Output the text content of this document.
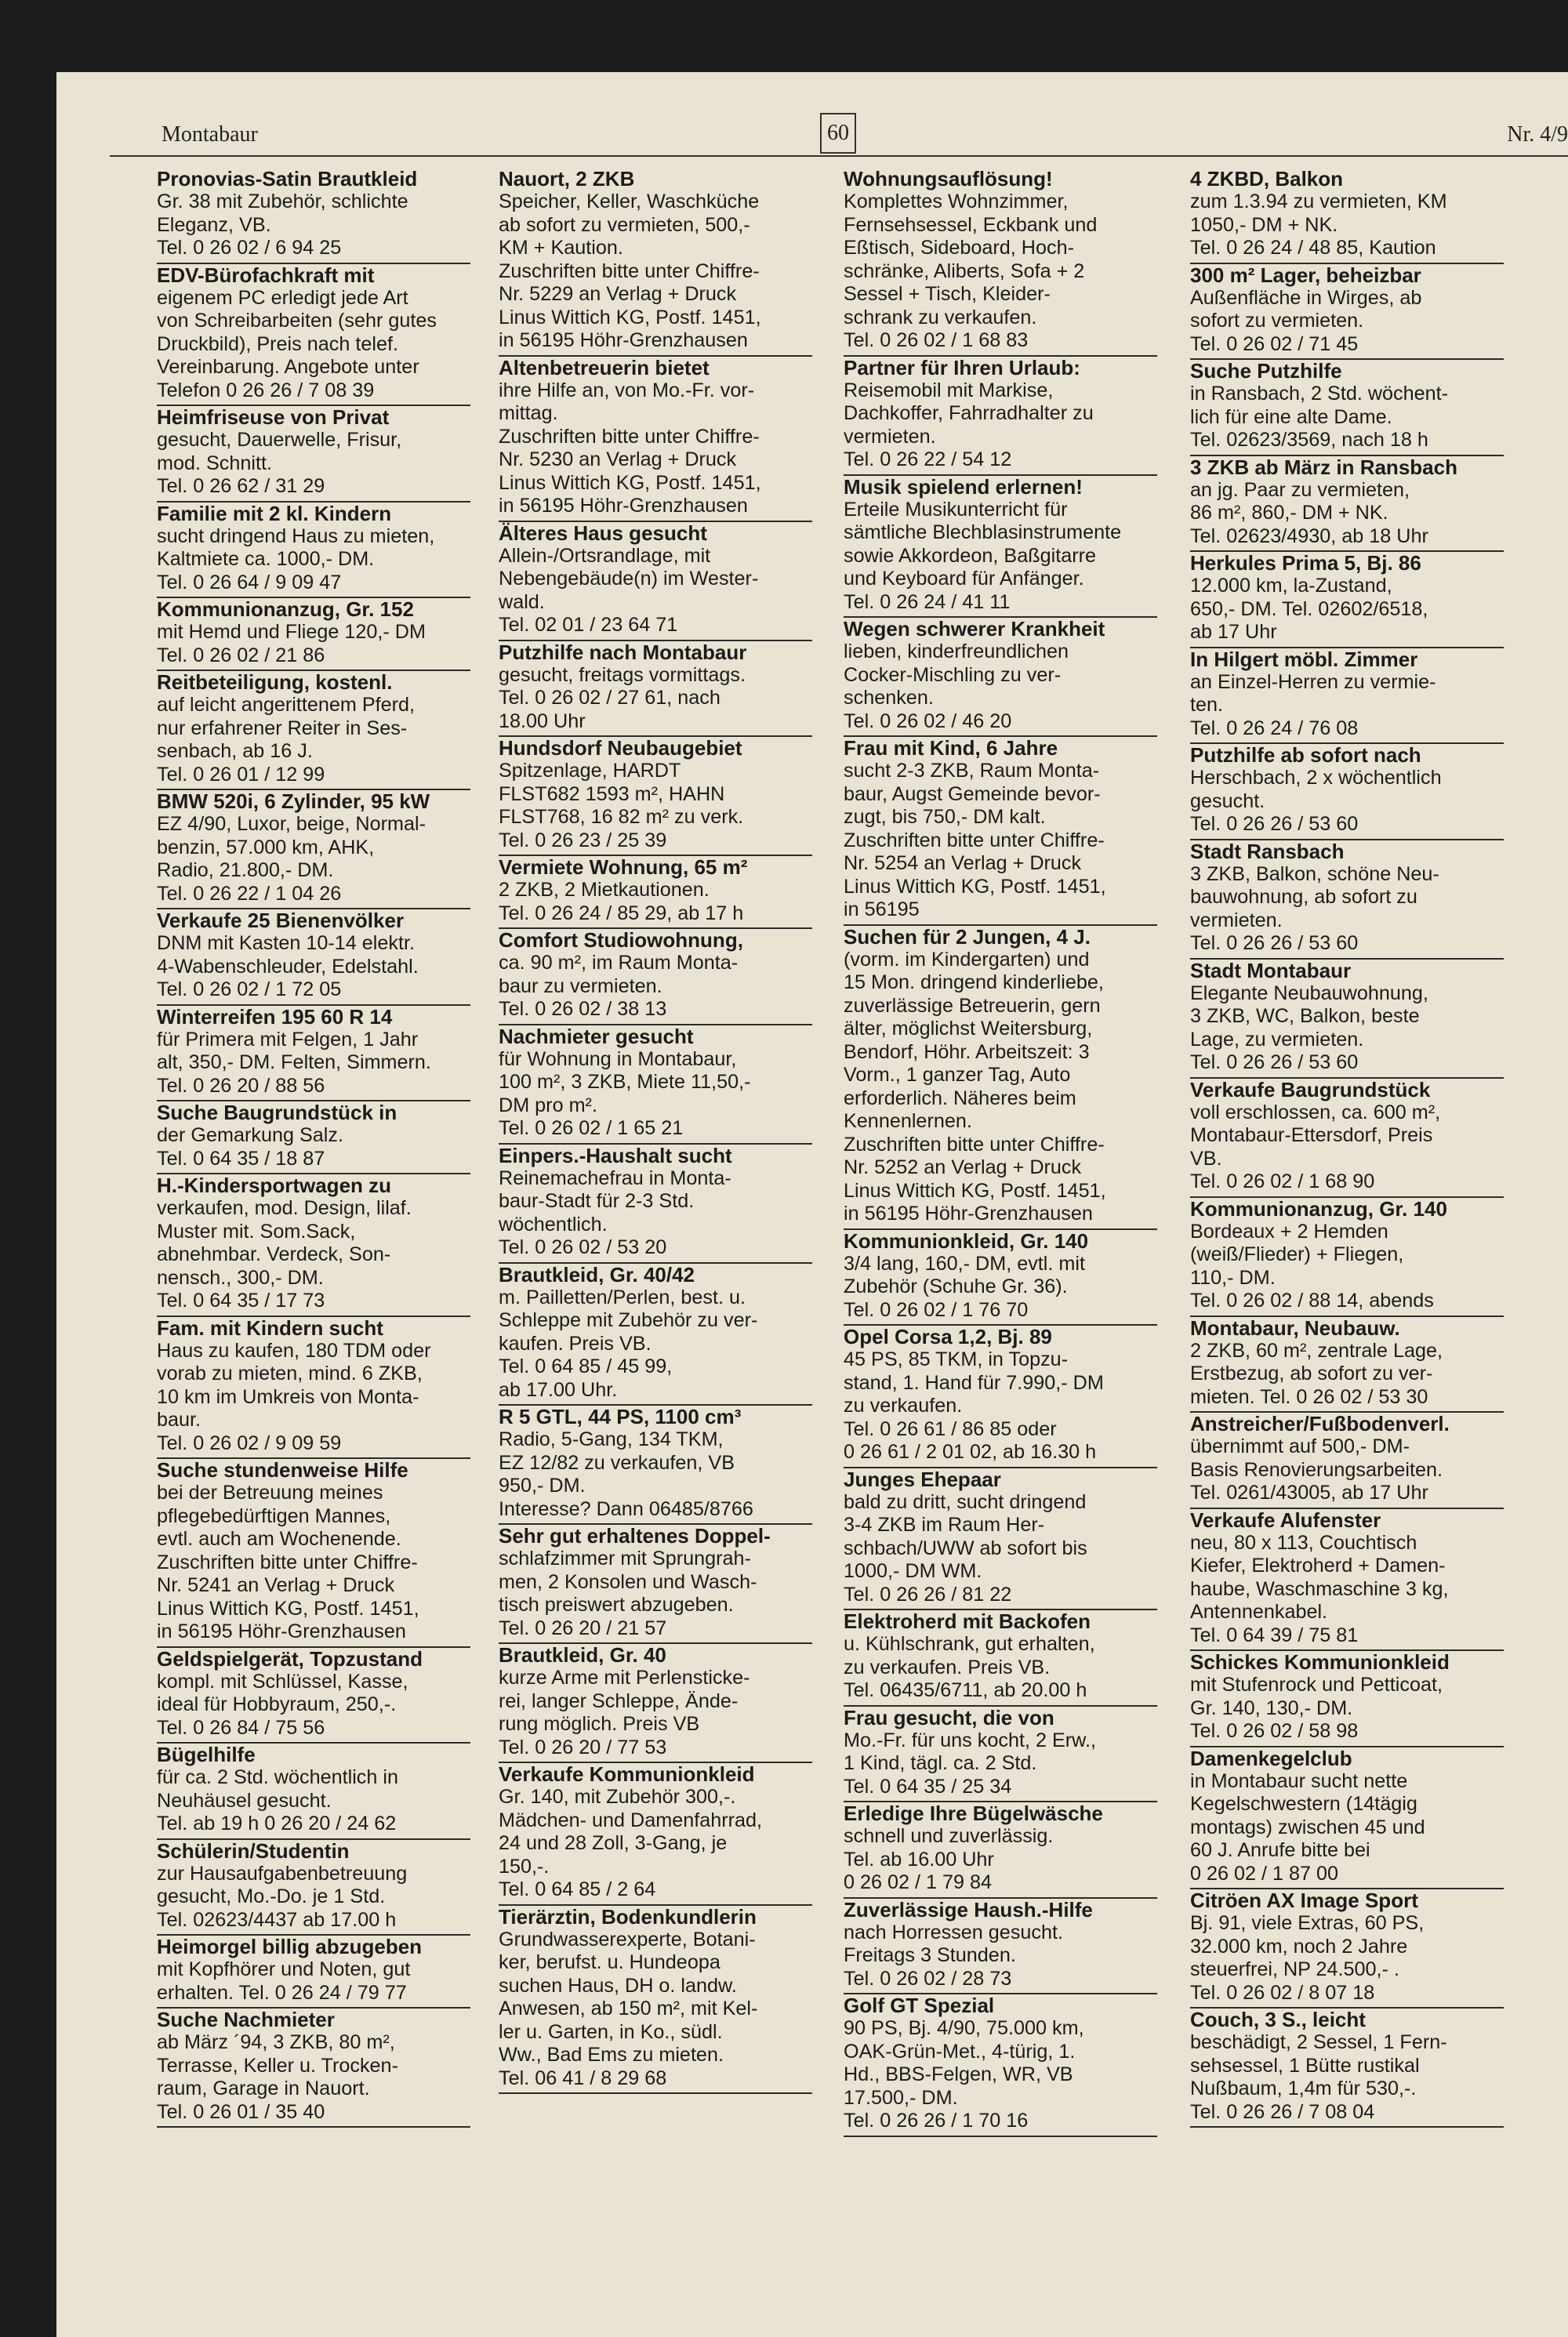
Montabaur	60	Nr. 4/9
Pronovias-Satin Brautkleid
Gr. 38 mit Zubehör, schlichte
Eleganz, VB.
Tel. 0 26 02 / 6 94 25
EDV-Bürofachkraft mit
eigenem PC erledigt jede Art
von Schreibarbeiten (sehr gutes
Druckbild), Preis nach telef.
Vereinbarung. Angebote unter
Telefon 0 26 26 / 7 08 39
Heimfriseuse von Privat
gesucht, Dauerwelle, Frisur,
mod. Schnitt.
Tel. 0 26 62 / 31 29
Familie mit 2 kl. Kindern
sucht dringend Haus zu mieten,
Kaltmiete ca. 1000,- DM.
Tel. 0 26 64 / 9 09 47
Kommunionanzug, Gr. 152
mit Hemd und Fliege 120,- DM
Tel. 0 26 02 / 21 86
Reitbeteiligung, kostenl.
auf leicht angerittenem Pferd,
nur erfahrener Reiter in Ses-
senbach, ab 16 J.
Tel. 0 26 01 / 12 99
BMW 520i, 6 Zylinder, 95 kW
EZ 4/90, Luxor, beige, Normal-
benzin, 57.000 km, AHK,
Radio, 21.800,- DM.
Tel. 0 26 22 / 1 04 26
Verkaufe 25 Bienenvölker
DNM mit Kasten 10-14 elektr.
4-Wabenschleuder, Edelstahl.
Tel. 0 26 02 / 1 72 05
Winterreifen 195 60 R 14
für Primera mit Felgen, 1 Jahr
alt, 350,- DM. Felten, Simmern.
Tel. 0 26 20 / 88 56
Suche Baugrundstück in
der Gemarkung Salz.
Tel. 0 64 35 / 18 87
H.-Kindersportwagen zu
verkaufen, mod. Design, lilaf.
Muster mit. Som.Sack,
abnehmbar. Verdeck, Son-
nensch., 300,- DM.
Tel. 0 64 35 / 17 73
Fam. mit Kindern sucht
Haus zu kaufen, 180 TDM oder
vorab zu mieten, mind. 6 ZKB,
10 km im Umkreis von Monta-
baur.
Tel. 0 26 02 / 9 09 59
Suche stundenweise Hilfe
bei der Betreuung meines
pflegebedürftigen Mannes,
evtl. auch am Wochenende.
Zuschriften bitte unter Chiffre-
Nr. 5241 an Verlag + Druck
Linus Wittich KG, Postf. 1451,
in 56195 Höhr-Grenzhausen
Geldspielgerät, Topzustand
kompl. mit Schlüssel, Kasse,
ideal für Hobbyraum, 250,-.
Tel. 0 26 84 / 75 56
Bügelhilfe
für ca. 2 Std. wöchentlich in
Neuhäusel gesucht.
Tel. ab 19 h 0 26 20 / 24 62
Schülerin/Studentin
zur Hausaufgabenbetreuung
gesucht, Mo.-Do. je 1 Std.
Tel. 02623/4437 ab 17.00 h
Heimorgel billig abzugeben
mit Kopfhörer und Noten, gut
erhalten. Tel. 0 26 24 / 79 77
Suche Nachmieter
ab März ´94, 3 ZKB, 80 m²,
Terrasse, Keller u. Trocken-
raum, Garage in Nauort.
Tel. 0 26 01 / 35 40
Nauort, 2 ZKB
Speicher, Keller, Waschküche
ab sofort zu vermieten, 500,-
KM + Kaution.
Zuschriften bitte unter Chiffre-
Nr. 5229 an Verlag + Druck
Linus Wittich KG, Postf. 1451,
in 56195 Höhr-Grenzhausen
Altenbetreuerin bietet
ihre Hilfe an, von Mo.-Fr. vor-
mittag.
Zuschriften bitte unter Chiffre-
Nr. 5230 an Verlag + Druck
Linus Wittich KG, Postf. 1451,
in 56195 Höhr-Grenzhausen
Älteres Haus gesucht
Allein-/Ortsrandlage, mit
Nebengebäude(n) im Wester-
wald.
Tel. 02 01 / 23 64 71
Putzhilfe nach Montabaur
gesucht, freitags vormittags.
Tel. 0 26 02 / 27 61, nach
18.00 Uhr
Hundsdorf Neubaugebiet
Spitzenlage, HARDT
FLST682 1593 m², HAHN
FLST768, 16 82 m² zu verk.
Tel. 0 26 23 / 25 39
Vermiete Wohnung, 65 m²
2 ZKB, 2 Mietkautionen.
Tel. 0 26 24 / 85 29, ab 17 h
Comfort Studiowohnung,
ca. 90 m², im Raum Monta-
baur zu vermieten.
Tel. 0 26 02 / 38 13
Nachmieter gesucht
für Wohnung in Montabaur,
100 m², 3 ZKB, Miete 11,50,-
DM pro m².
Tel. 0 26 02 / 1 65 21
Einpers.-Haushalt sucht
Reinemachefrau in Monta-
baur-Stadt für 2-3 Std.
wöchentlich.
Tel. 0 26 02 / 53 20
Brautkleid, Gr. 40/42
m. Pailletten/Perlen, best. u.
Schleppe mit Zubehör zu ver-
kaufen. Preis VB.
Tel. 0 64 85 / 45 99,
ab 17.00 Uhr.
R 5 GTL, 44 PS, 1100 cm³
Radio, 5-Gang, 134 TKM,
EZ 12/82 zu verkaufen, VB
950,- DM.
Interesse? Dann 06485/8766
Sehr gut erhaltenes Doppel-
schlafzimmer mit Sprungrah-
men, 2 Konsolen und Wasch-
tisch preiswert abzugeben.
Tel. 0 26 20 / 21 57
Brautkleid, Gr. 40
kurze Arme mit Perlensticke-
rei, langer Schleppe, Ände-
rung möglich. Preis VB
Tel. 0 26 20 / 77 53
Verkaufe Kommunionkleid
Gr. 140, mit Zubehör 300,-.
Mädchen- und Damenfahrrad,
24 und 28 Zoll, 3-Gang, je
150,-.
Tel. 0 64 85 / 2 64
Tierärztin, Bodenkundlerin
Grundwasserexperte, Botani-
ker, berufst. u. Hundeopa
suchen Haus, DH o. landw.
Anwesen, ab 150 m², mit Kel-
ler u. Garten, in Ko., südl.
Ww., Bad Ems zu mieten.
Tel. 06 41 / 8 29 68
Wohnungsauflösung!
Komplettes Wohnzimmer,
Fernsehsessel, Eckbank und
Eßtisch, Sideboard, Hoch-
schränke, Aliberts, Sofa + 2
Sessel + Tisch, Kleider-
schrank zu verkaufen.
Tel. 0 26 02 / 1 68 83
Partner für Ihren Urlaub:
Reisemobil mit Markise,
Dachkoffer, Fahrradhalter zu
vermieten.
Tel. 0 26 22 / 54 12
Musik spielend erlernen!
Erteile Musikunterricht für
sämtliche Blechblasinstrumente
sowie Akkordeon, Baßgitarre
und Keyboard für Anfänger.
Tel. 0 26 24 / 41 11
Wegen schwerer Krankheit
lieben, kinderfreundlichen
Cocker-Mischling zu ver-
schenken.
Tel. 0 26 02 / 46 20
Frau mit Kind, 6 Jahre
sucht 2-3 ZKB, Raum Monta-
baur, Augst Gemeinde bevor-
zugt, bis 750,- DM kalt.
Zuschriften bitte unter Chiffre-
Nr. 5254 an Verlag + Druck
Linus Wittich KG, Postf. 1451,
in 56195
Suchen für 2 Jungen, 4 J.
(vorm. im Kindergarten) und
15 Mon. dringend kinderliebe,
zuverlässige Betreuerin, gern
älter, möglichst Weitersburg,
Bendorf, Höhr. Arbeitszeit: 3
Vorm., 1 ganzer Tag, Auto
erforderlich. Näheres beim
Kennenlernen.
Zuschriften bitte unter Chiffre-
Nr. 5252 an Verlag + Druck
Linus Wittich KG, Postf. 1451,
in 56195 Höhr-Grenzhausen
Kommunionkleid, Gr. 140
3/4 lang, 160,- DM, evtl. mit
Zubehör (Schuhe Gr. 36).
Tel. 0 26 02 / 1 76 70
Opel Corsa 1,2, Bj. 89
45 PS, 85 TKM, in Topzu-
stand, 1. Hand für 7.990,- DM
zu verkaufen.
Tel. 0 26 61 / 86 85 oder
0 26 61 / 2 01 02, ab 16.30 h
Junges Ehepaar
bald zu dritt, sucht dringend
3-4 ZKB im Raum Her-
schbach/UWW ab sofort bis
1000,- DM WM.
Tel. 0 26 26 / 81 22
Elektroherd mit Backofen
u. Kühlschrank, gut erhalten,
zu verkaufen. Preis VB.
Tel. 06435/6711, ab 20.00 h
Frau gesucht, die von
Mo.-Fr. für uns kocht, 2 Erw.,
1 Kind, tägl. ca. 2 Std.
Tel. 0 64 35 / 25 34
Erledige Ihre Bügelwäsche
schnell und zuverlässig.
Tel. ab 16.00 Uhr
0 26 02 / 1 79 84
Zuverlässige Haush.-Hilfe
nach Horressen gesucht.
Freitags 3 Stunden.
Tel. 0 26 02 / 28 73
Golf GT Spezial
90 PS, Bj. 4/90, 75.000 km,
OAK-Grün-Met., 4-türig, 1.
Hd., BBS-Felgen, WR, VB
17.500,- DM.
Tel. 0 26 26 / 1 70 16
4 ZKBD, Balkon
zum 1.3.94 zu vermieten, KM
1050,- DM + NK.
Tel. 0 26 24 / 48 85, Kaution
300 m² Lager, beheizbar
Außenfläche in Wirges, ab
sofort zu vermieten.
Tel. 0 26 02 / 71 45
Suche Putzhilfe
in Ransbach, 2 Std. wöchent-
lich für eine alte Dame.
Tel. 02623/3569, nach 18 h
3 ZKB ab März in Ransbach
an jg. Paar zu vermieten,
86 m², 860,- DM + NK.
Tel. 02623/4930, ab 18 Uhr
Herkules Prima 5, Bj. 86
12.000 km, la-Zustand,
650,- DM. Tel. 02602/6518,
ab 17 Uhr
In Hilgert möbl. Zimmer
an Einzel-Herren zu vermie-
ten.
Tel. 0 26 24 / 76 08
Putzhilfe ab sofort nach
Herschbach, 2 x wöchentlich
gesucht.
Tel. 0 26 26 / 53 60
Stadt Ransbach
3 ZKB, Balkon, schöne Neu-
bauwohnung, ab sofort zu
vermieten.
Tel. 0 26 26 / 53 60
Stadt Montabaur
Elegante Neubauwohnung,
3 ZKB, WC, Balkon, beste
Lage, zu vermieten.
Tel. 0 26 26 / 53 60
Verkaufe Baugrundstück
voll erschlossen, ca. 600 m²,
Montabaur-Ettersdorf, Preis
VB.
Tel. 0 26 02 / 1 68 90
Kommunionanzug, Gr. 140
Bordeaux + 2 Hemden
(weiß/Flieder) + Fliegen,
110,- DM.
Tel. 0 26 02 / 88 14, abends
Montabaur, Neubauw.
2 ZKB, 60 m², zentrale Lage,
Erstbezug, ab sofort zu ver-
mieten. Tel. 0 26 02 / 53 30
Anstreicher/Fußbodenverl.
übernimmt auf 500,- DM-
Basis Renovierungsarbeiten.
Tel. 0261/43005, ab 17 Uhr
Verkaufe Alufenster
neu, 80 x 113, Couchtisch
Kiefer, Elektroherd + Damen-
haube, Waschmaschine 3 kg,
Antennenkabel.
Tel. 0 64 39 / 75 81
Schickes Kommunionkleid
mit Stufenrock und Petticoat,
Gr. 140, 130,- DM.
Tel. 0 26 02 / 58 98
Damenkegelclub
in Montabaur sucht nette
Kegelschwestern (14tägig
montags) zwischen 45 und
60 J. Anrufe bitte bei
0 26 02 / 1 87 00
Citröen AX Image Sport
Bj. 91, viele Extras, 60 PS,
32.000 km, noch 2 Jahre
steuerfrei, NP 24.500,- .
Tel. 0 26 02 / 8 07 18
Couch, 3 S., leicht
beschädigt, 2 Sessel, 1 Fern-
sehsessel, 1 Bütte rustikal
Nußbaum, 1,4m für 530,-.
Tel. 0 26 26 / 7 08 04
